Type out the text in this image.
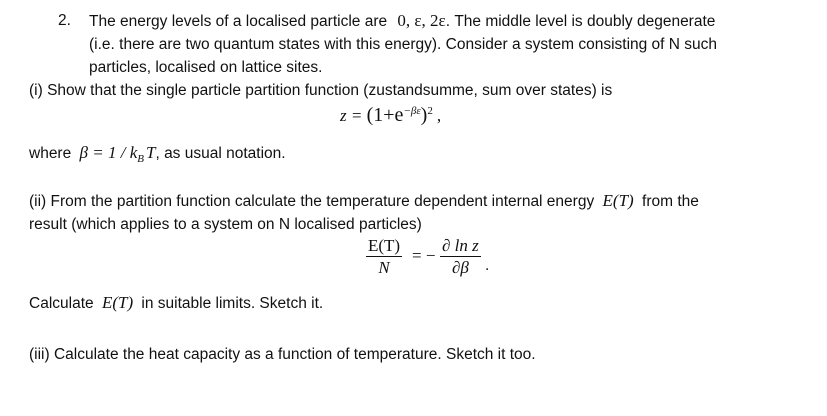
2. The energy levels of a localised particle are 0, ε, 2ε. The middle level is doubly degenerate
(i.e. there are two quantum states with this energy). Consider a system consisting of N such
particles, localised on lattice sites.
(i) Show that the single particle partition function (zustandsumme, sum over states) is
$z = (1+e^{-\beta\varepsilon})^2$ ,
where $\beta = 1 / k_B$ T, as usual notation.
(ii) From the partition function calculate the temperature dependent internal energy E(T) from the
result (which applies to a system on N localised particles)
$\frac{E(T)}{N}$ = − $\frac{\text{∂ ln z}}{\partial\beta}$ .
Calculate E(T) in suitable limits. Sketch it.
(iii) Calculate the heat capacity as a function of temperature. Sketch it too.
